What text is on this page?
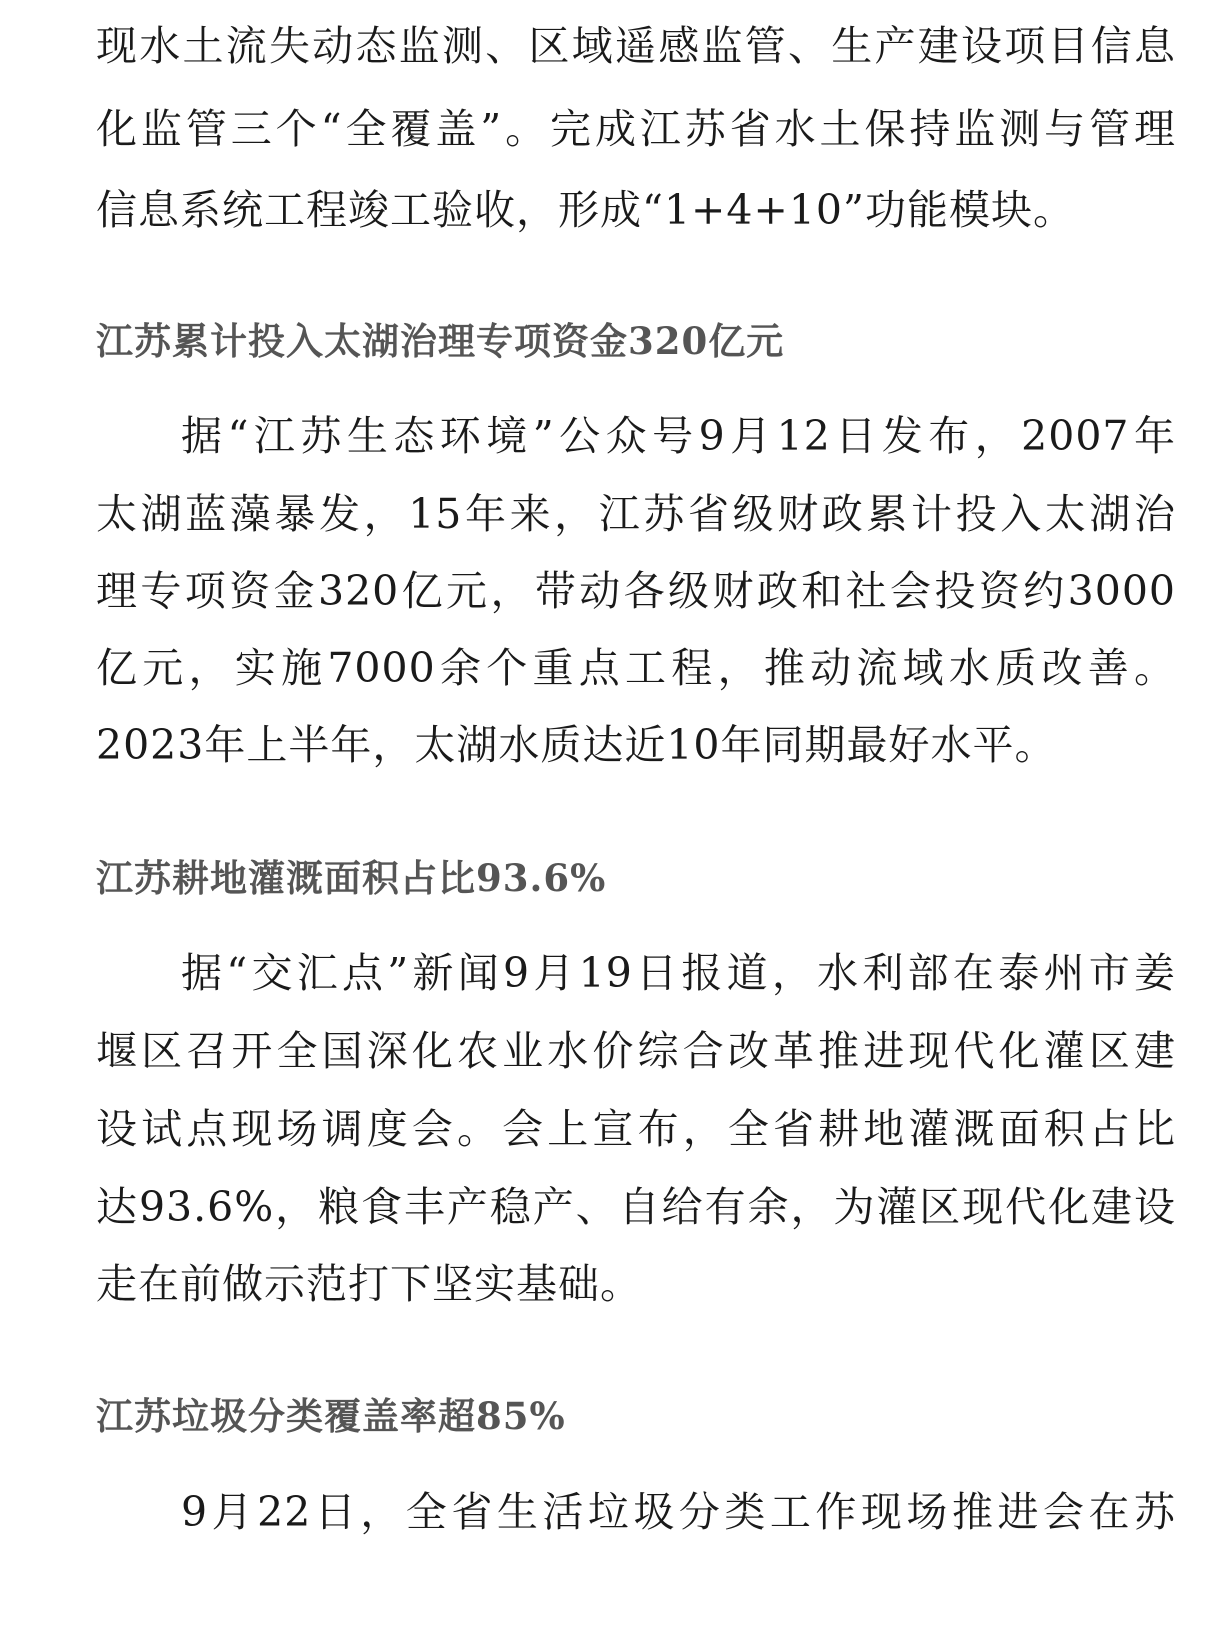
现水土流失动态监测、区域遥感监管、生产建设项目信息
化监管三个“全覆盖”。完成江苏省水土保持监测与管理
信息系统工程竣工验收，形成“1+4+10”功能模块。
江苏累计投入太湖治理专项资金320亿元
据“江苏生态环境”公众号9月12日发布，2007年
太湖蓝藻暴发，15年来，江苏省级财政累计投入太湖治
理专项资金320亿元，带动各级财政和社会投资约3000
亿元，实施7000余个重点工程，推动流域水质改善。
2023年上半年，太湖水质达近10年同期最好水平。
江苏耕地灌溉面积占比93.6%
据“交汇点”新闻9月19日报道，水利部在泰州市姜
堰区召开全国深化农业水价综合改革推进现代化灌区建
设试点现场调度会。会上宣布，全省耕地灌溉面积占比
达93.6%，粮食丰产稳产、自给有余，为灌区现代化建设
走在前做示范打下坚实基础。
江苏垃圾分类覆盖率超85%
9月22日，全省生活垃圾分类工作现场推进会在苏
